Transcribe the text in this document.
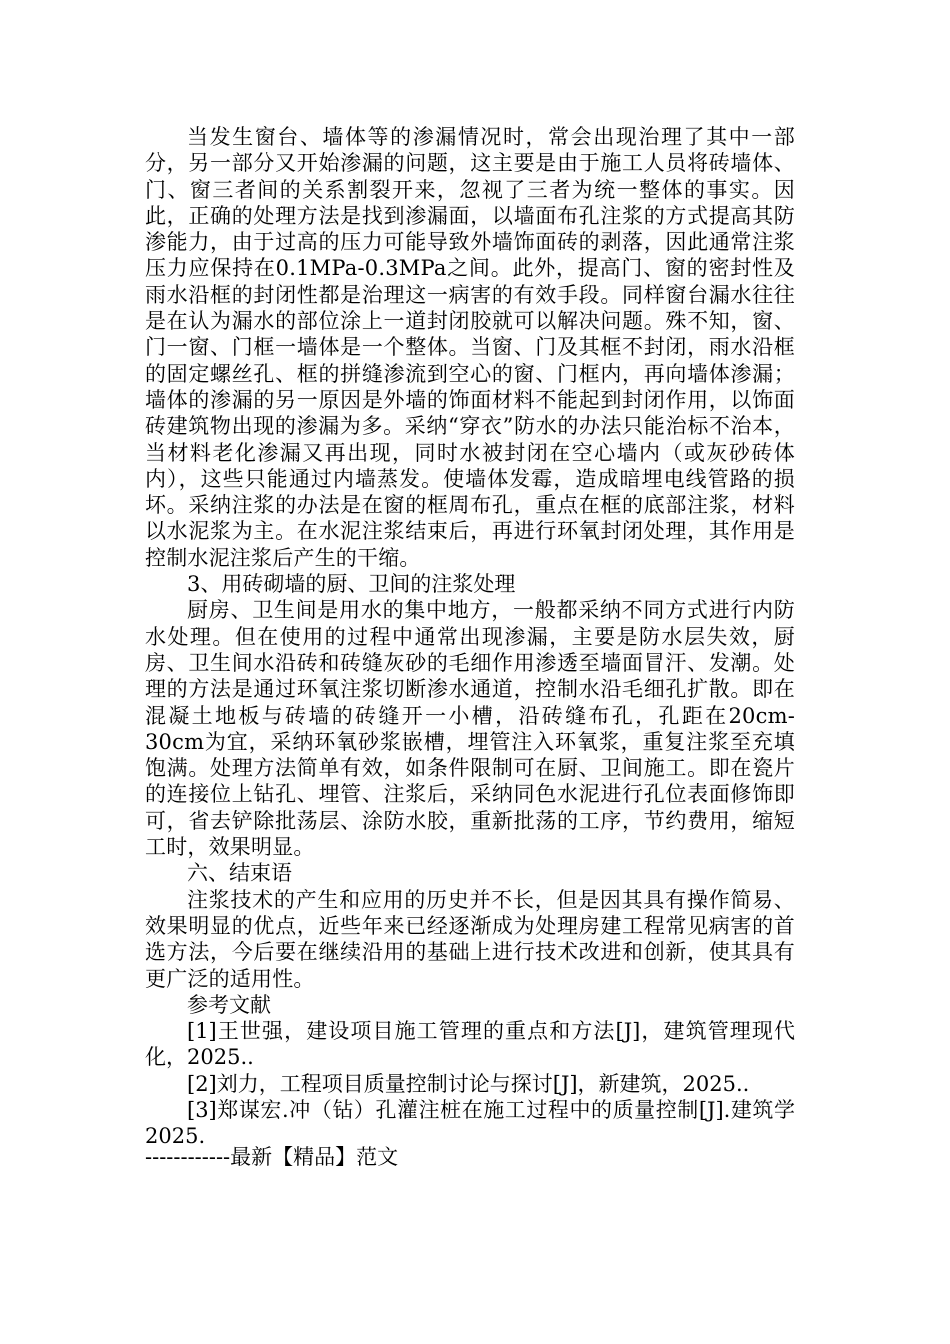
当发生窗台、墙体等的渗漏情况时，常会出现治理了其中一部分，另一部分又开始渗漏的问题，这主要是由于施工人员将砖墙体、门、窗三者间的关系割裂开来，忽视了三者为统一整体的事实。因此，正确的处理方法是找到渗漏面，以墙面布孔注浆的方式提高其防渗能力，由于过高的压力可能导致外墙饰面砖的剥落，因此通常注浆压力应保持在0.1MPa-0.3MPa之间。此外，提高门、窗的密封性及雨水沿框的封闭性都是治理这一病害的有效手段。同样窗台漏水往往是在认为漏水的部位涂上一道封闭胶就可以解决问题。殊不知，窗、门一窗、门框一墙体是一个整体。当窗、门及其框不封闭，雨水沿框的固定螺丝孔、框的拼缝渗流到空心的窗、门框内，再向墙体渗漏；墙体的渗漏的另一原因是外墙的饰面材料不能起到封闭作用，以饰面砖建筑物出现的渗漏为多。采纳“穿衣”防水的办法只能治标不治本，当材料老化渗漏又再出现，同时水被封闭在空心墙内（或灰砂砖体内），这些只能通过内墙蒸发。使墙体发霉，造成暗埋电线管路的损坏。采纳注浆的办法是在窗的框周布孔，重点在框的底部注浆，材料以水泥浆为主。在水泥注浆结束后，再进行环氧封闭处理，其作用是控制水泥注浆后产生的干缩。

3、用砖砌墙的厨、卫间的注浆处理

厨房、卫生间是用水的集中地方，一般都采纳不同方式进行内防水处理。但在使用的过程中通常出现渗漏，主要是防水层失效，厨房、卫生间水沿砖和砖缝灰砂的毛细作用渗透至墙面冒汗、发潮。处理的方法是通过环氧注浆切断渗水通道，控制水沿毛细孔扩散。即在混凝土地板与砖墙的砖缝开一小槽，沿砖缝布孔，孔距在20cm-30cm为宜，采纳环氧砂浆嵌槽，埋管注入环氧浆，重复注浆至充填饱满。处理方法简单有效，如条件限制可在厨、卫间施工。即在瓷片的连接位上钻孔、埋管、注浆后，采纳同色水泥进行孔位表面修饰即可，省去铲除批荡层、涂防水胶，重新批荡的工序，节约费用，缩短工时，效果明显。

六、结束语

注浆技术的产生和应用的历史并不长，但是因其具有操作简易、效果明显的优点，近些年来已经逐渐成为处理房建工程常见病害的首选方法，今后要在继续沿用的基础上进行技术改进和创新，使其具有更广泛的适用性。

参考文献

[1]王世强，建设项目施工管理的重点和方法[J]，建筑管理现代化，2025..

[2]刘力，工程项目质量控制讨论与探讨[J]，新建筑，2025..

[3]郑谋宏.冲（钻）孔灌注桩在施工过程中的质量控制[J].建筑学2025.

------------最新【精品】范文
